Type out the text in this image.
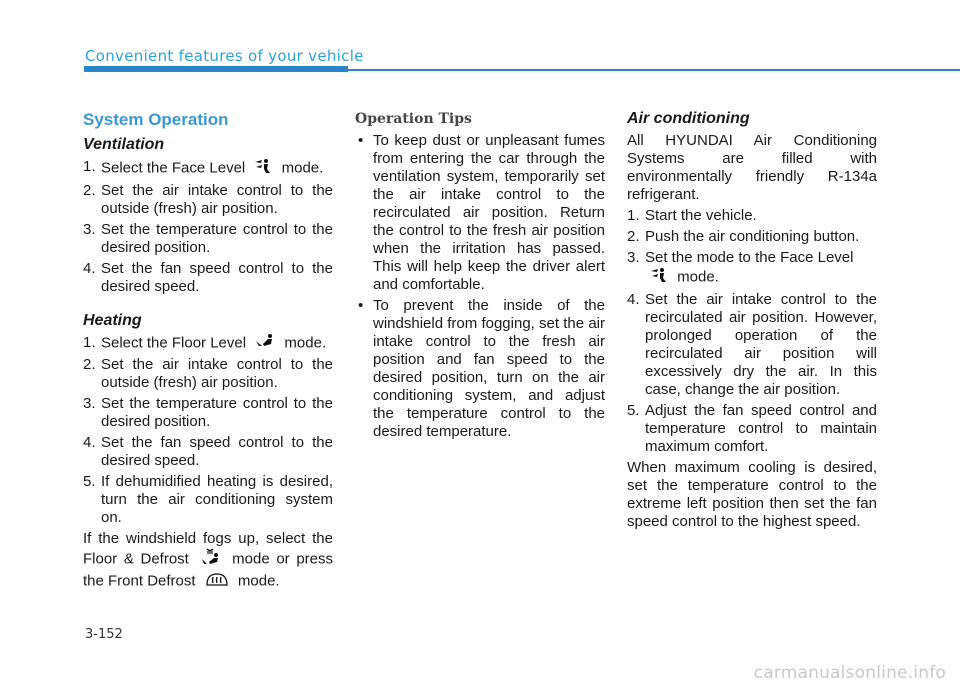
Convenient features of your vehicle
System Operation
Ventilation
1. Select the Face Level mode.
2. Set the air intake control to the outside (fresh) air position.
3. Set the temperature control to the desired position.
4. Set the fan speed control to the desired speed.
Heating
1. Select the Floor Level	mode.
2. Set the air intake control to the outside (fresh) air position.
3. Set the temperature control to the desired position.
4. Set the fan speed control to the desired speed.
5. If dehumidified heating is desired, turn the air conditioning system on.

If the windshield fogs up, select the Floor & Defrost	mode or press the Front Defrost	mode.

Operation Tips
• To keep dust or unpleasant fumes from entering the car through the ventilation system, temporarily set the air intake control to the recirculated air position. Return the control to the fresh air position when the irritation has passed. This will help keep the driver alert and comfortable.
• To prevent the inside of the windshield from fogging, set the air intake control to the fresh air position and fan speed to the desired position, turn on the air conditioning system, and adjust the temperature control to the desired temperature.
Air conditioning

All HYUNDAI Air Conditioning Systems are filled with environmentally friendly R-134a refrigerant.

1. Start the vehicle.
2. Push the air conditioning button.
3. Set the mode to the Face Level
mode.
4. Set the air intake control to the recirculated air position. However, prolonged operation of the recirculated air position will excessively dry the air. In this case, change the air position.
5. Adjust the fan speed control and temperature control to maintain maximum comfort.

When maximum cooling is desired, set the temperature control to the extreme left position then set the fan speed control to the highest speed.

3-152
carmanualsonline.info
